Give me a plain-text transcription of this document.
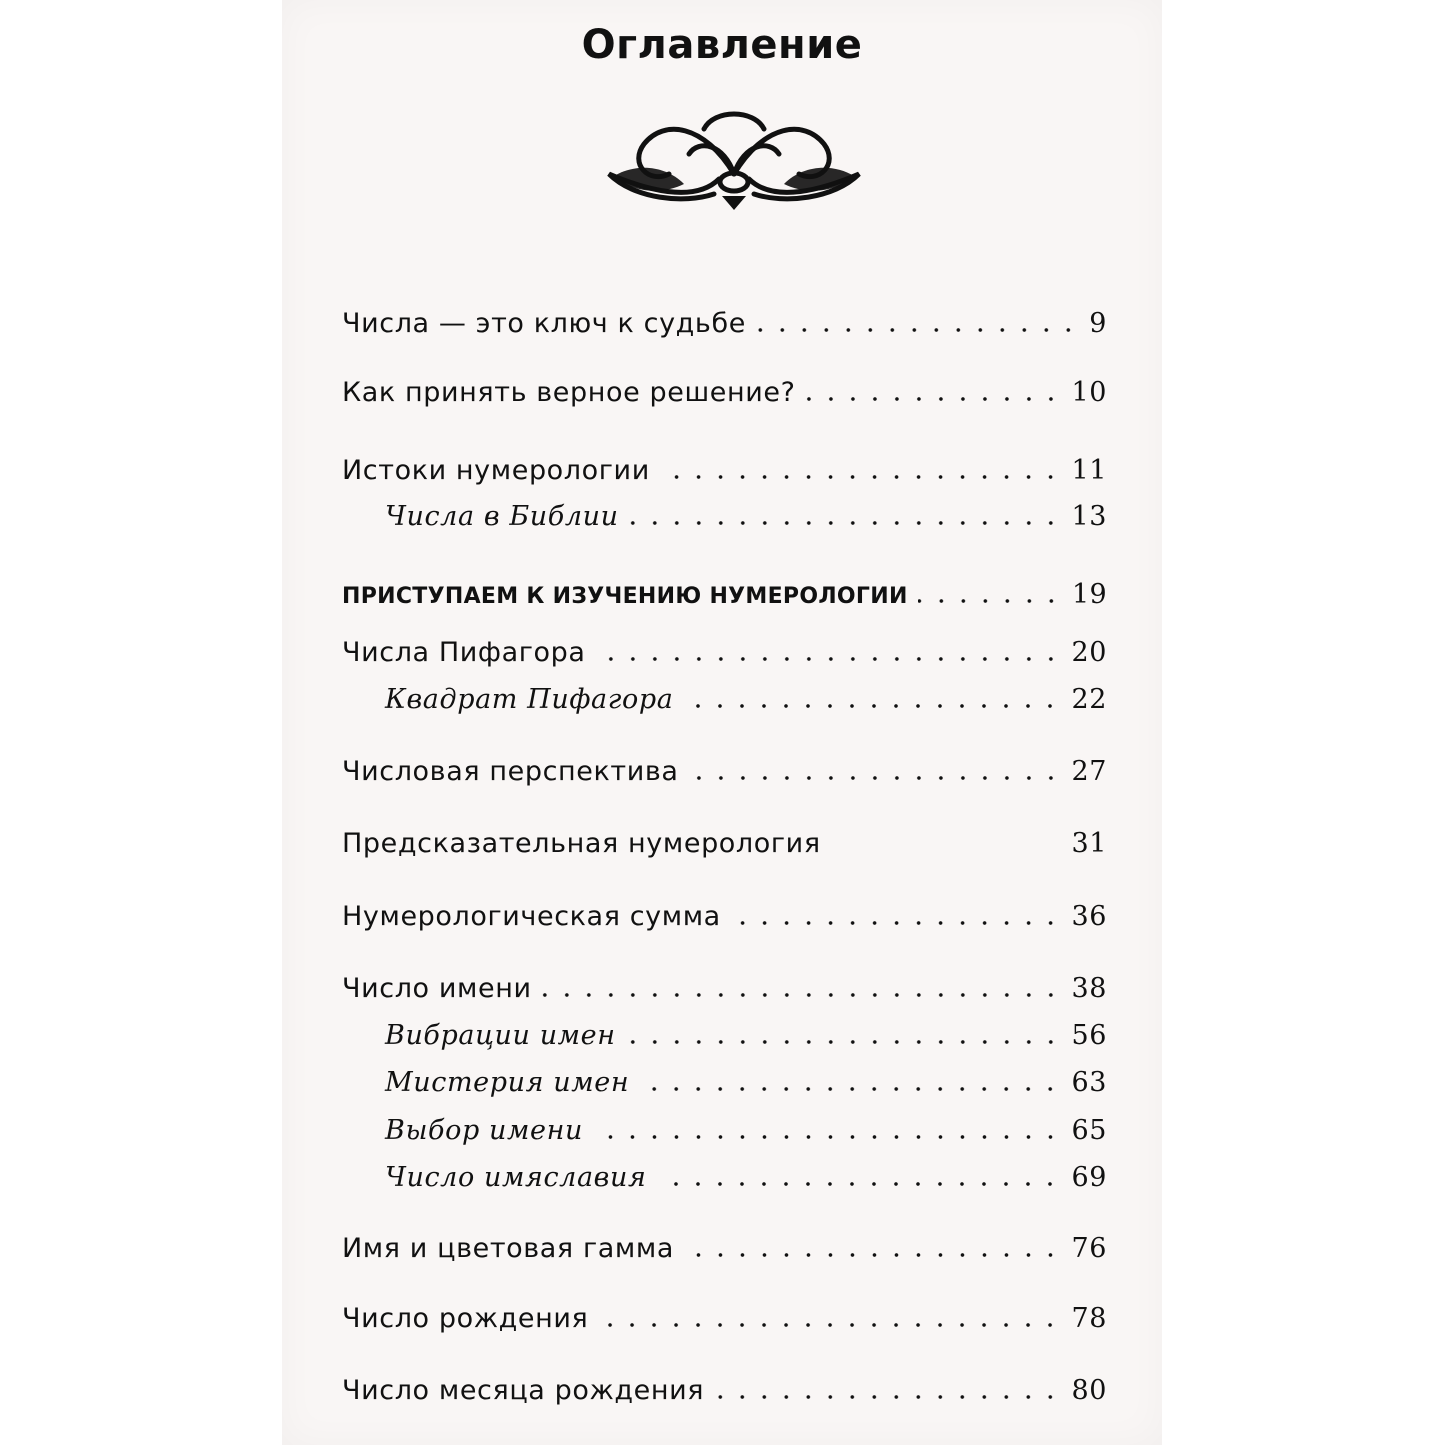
Оглавление
Числа — это ключ к судьбе	9
Как принять верное решение?	10
Истоки нумерологии	11
Числа в Библии	13
ПРИСТУПАЕМ К ИЗУЧЕНИЮ НУМЕРОЛОГИИ	19
Числа Пифагора	20
Квадрат Пифагора	22
Числовая перспектива	27
Предсказательная нумерология	31
Нумерологическая сумма	36
Число имени	38
Вибрации имен	56
Мистерия имен	63
Выбор имени	65
Число имяславия	69
Имя и цветовая гамма	76
Число рождения	78
Число месяца рождения	80
